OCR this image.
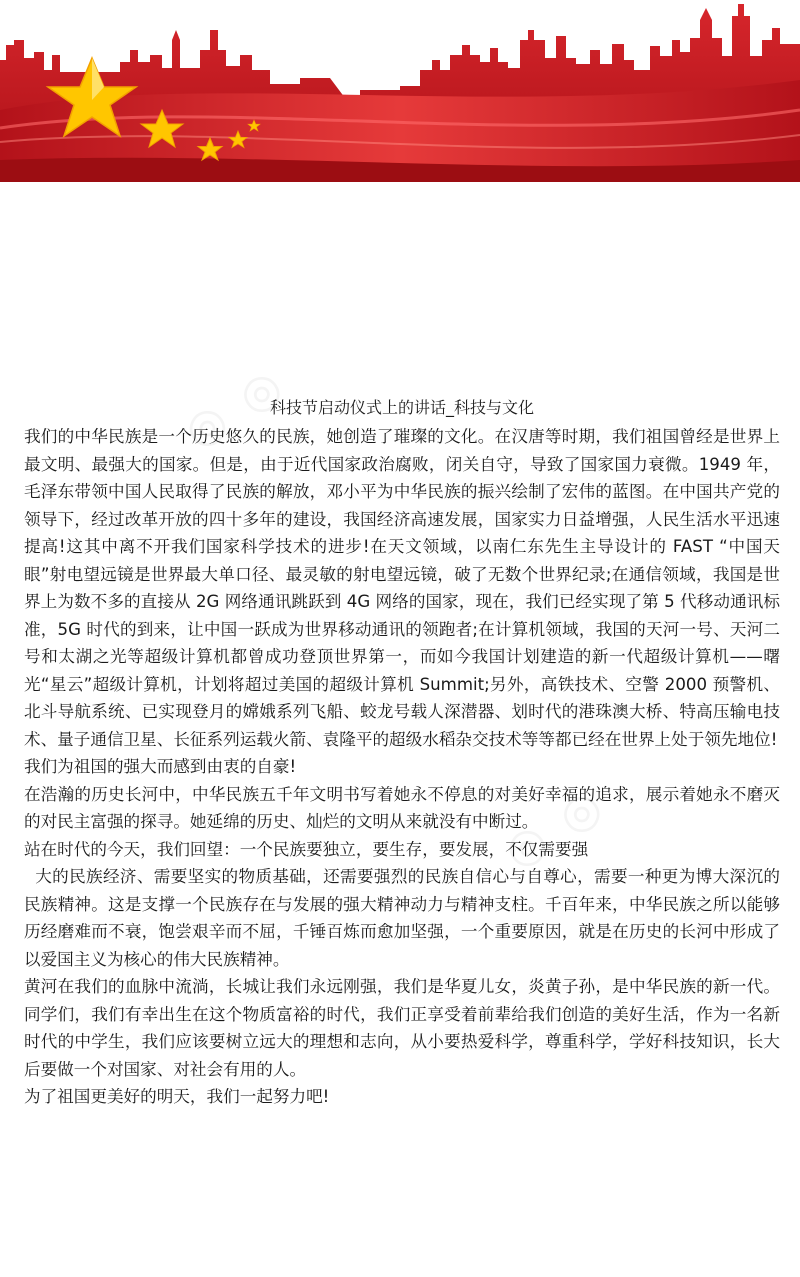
◎ ◎
◎ ◎
科技节启动仪式上的讲话_科技与文化

我们的中华民族是一个历史悠久的民族，她创造了璀璨的文化。在汉唐等时期，我们祖国曾经是世界上最文明、最强大的国家。但是，由于近代国家政治腐败，闭关自守，导致了国家国力衰微。1949 年，毛泽东带领中国人民取得了民族的解放，邓小平为中华民族的振兴绘制了宏伟的蓝图。在中国共产党的领导下，经过改革开放的四十多年的建设，我国经济高速发展，国家实力日益增强，人民生活水平迅速提高!这其中离不开我们国家科学技术的进步!在天文领域，以南仁东先生主导设计的 FAST “中国天眼”射电望远镜是世界最大单口径、最灵敏的射电望远镜，破了无数个世界纪录;在通信领域，我国是世界上为数不多的直接从 2G 网络通讯跳跃到 4G 网络的国家，现在，我们已经实现了第 5 代移动通讯标准，5G 时代的到来，让中国一跃成为世界移动通讯的领跑者;在计算机领域，我国的天河一号、天河二号和太湖之光等超级计算机都曾成功登顶世界第一，而如今我国计划建造的新一代超级计算机——曙光“星云”超级计算机，计划将超过美国的超级计算机 Summit;另外，高铁技术、空警 2000 预警机、北斗导航系统、已实现登月的嫦娥系列飞船、蛟龙号载人深潜器、划时代的港珠澳大桥、特高压输电技术、量子通信卫星、长征系列运载火箭、袁隆平的超级水稻杂交技术等等都已经在世界上处于领先地位!

我们为祖国的强大而感到由衷的自豪!

在浩瀚的历史长河中，中华民族五千年文明书写着她永不停息的对美好幸福的追求，展示着她永不磨灭的对民主富强的探寻。她延绵的历史、灿烂的文明从来就没有中断过。

站在时代的今天，我们回望：一个民族要独立，要生存，要发展，不仅需要强

大的民族经济、需要坚实的物质基础，还需要强烈的民族自信心与自尊心，需要一种更为博大深沉的民族精神。这是支撑一个民族存在与发展的强大精神动力与精神支柱。千百年来，中华民族之所以能够历经磨难而不衰，饱尝艰辛而不屈，千锤百炼而愈加坚强，一个重要原因，就是在历史的长河中形成了以爱国主义为核心的伟大民族精神。

黄河在我们的血脉中流淌，长城让我们永远刚强，我们是华夏儿女，炎黄子孙，是中华民族的新一代。同学们，我们有幸出生在这个物质富裕的时代，我们正享受着前辈给我们创造的美好生活，作为一名新时代的中学生，我们应该要树立远大的理想和志向，从小要热爱科学，尊重科学，学好科技知识，长大后要做一个对国家、对社会有用的人。

为了祖国更美好的明天，我们一起努力吧!
